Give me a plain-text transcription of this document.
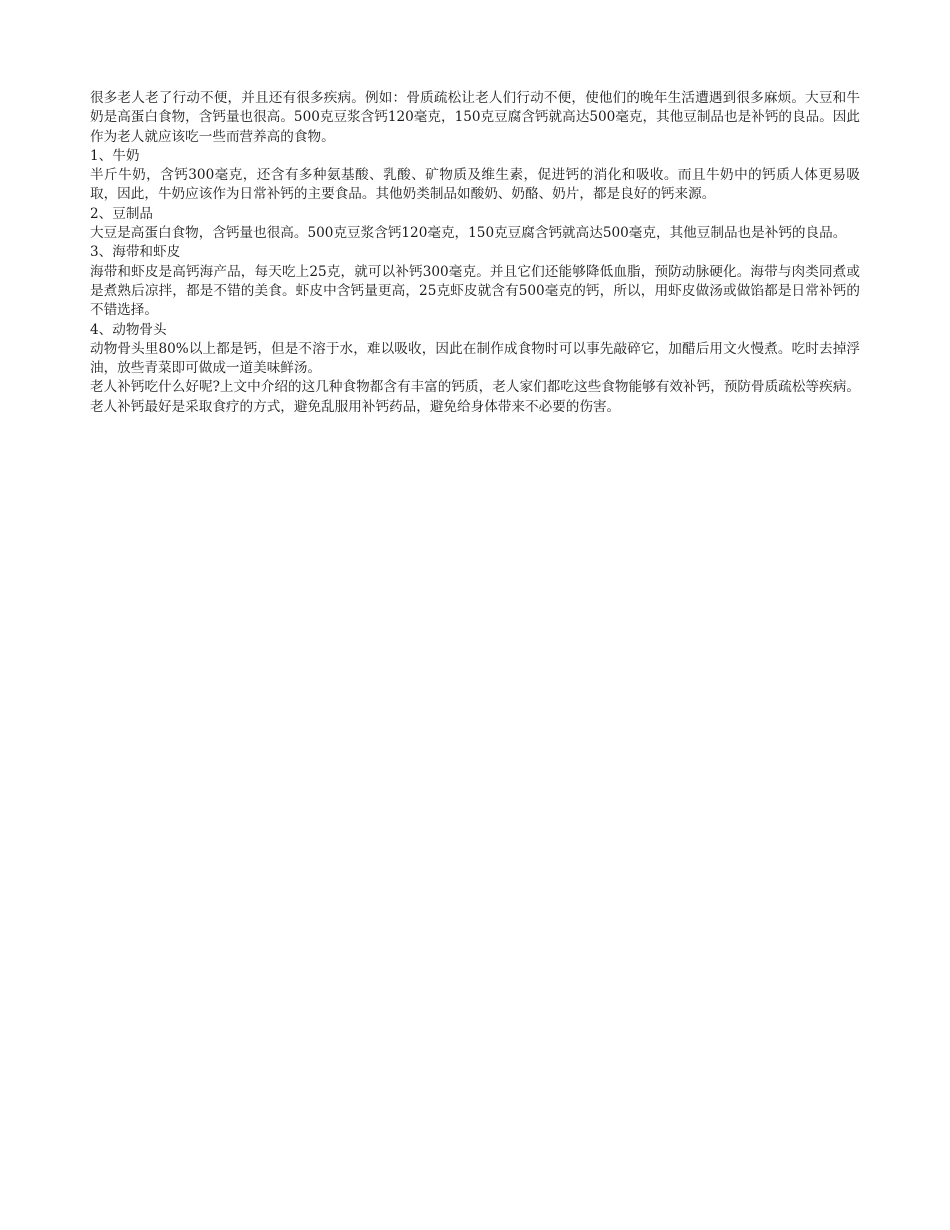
很多老人老了行动不便，并且还有很多疾病。例如：骨质疏松让老人们行动不便，使他们的晚年生活遭遇到很多麻烦。大豆和牛奶是高蛋白食物，含钙量也很高。500克豆浆含钙120毫克，150克豆腐含钙就高达500毫克，其他豆制品也是补钙的良品。因此作为老人就应该吃一些而营养高的食物。

1、牛奶

半斤牛奶，含钙300毫克，还含有多种氨基酸、乳酸、矿物质及维生素，促进钙的消化和吸收。而且牛奶中的钙质人体更易吸取，因此，牛奶应该作为日常补钙的主要食品。其他奶类制品如酸奶、奶酪、奶片，都是良好的钙来源。

2、豆制品

大豆是高蛋白食物，含钙量也很高。500克豆浆含钙120毫克，150克豆腐含钙就高达500毫克，其他豆制品也是补钙的良品。

3、海带和虾皮

海带和虾皮是高钙海产品，每天吃上25克，就可以补钙300毫克。并且它们还能够降低血脂，预防动脉硬化。海带与肉类同煮或是煮熟后凉拌，都是不错的美食。虾皮中含钙量更高，25克虾皮就含有500毫克的钙，所以，用虾皮做汤或做馅都是日常补钙的不错选择。

4、动物骨头

动物骨头里80%以上都是钙，但是不溶于水，难以吸收，因此在制作成食物时可以事先敲碎它，加醋后用文火慢煮。吃时去掉浮油，放些青菜即可做成一道美味鲜汤。

老人补钙吃什么好呢?上文中介绍的这几种食物都含有丰富的钙质，老人家们都吃这些食物能够有效补钙，预防骨质疏松等疾病。老人补钙最好是采取食疗的方式，避免乱服用补钙药品，避免给身体带来不必要的伤害。
